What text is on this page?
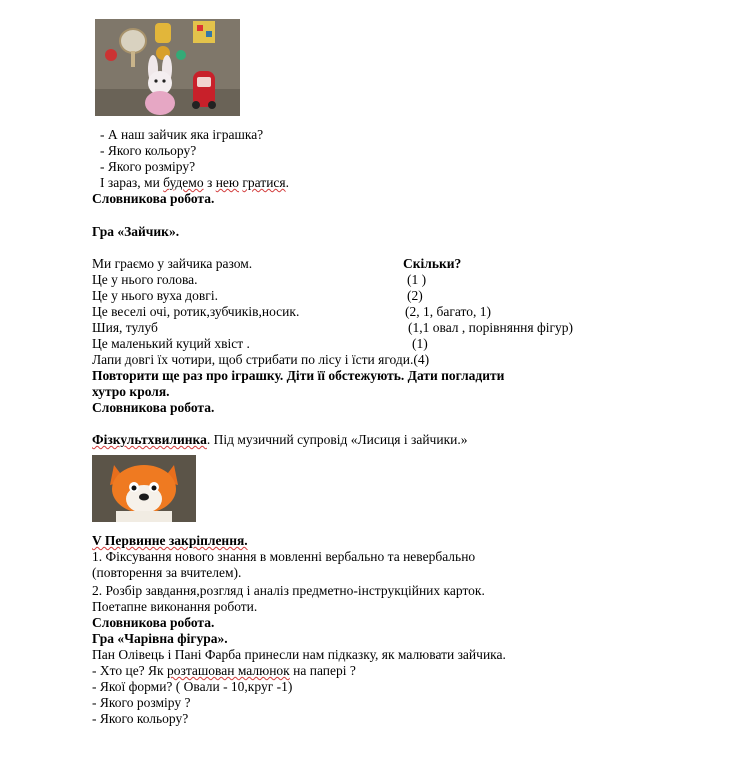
- А наш зайчик яка іграшка?
- Якого кольору?
- Якого розміру?
І зараз, ми будемо з нею гратися.
Словникова робота.
Гра «Зайчик».
Ми граємо у зайчика разом.	Скільки?
Це у нього голова.	(1 )
Це у нього вуха довгі.	(2)
Це веселі очі, ротик,зубчиків,носик.	(2, 1, багато, 1)
Шия, тулуб	(1,1 овал , порівняння фігур)
Це маленький куций хвіст .	(1)
Лапи довгі їх чотири, щоб стрибати по лісу і їсти ягоди.(4)
Повторити ще раз про іграшку. Діти її обстежують. Дати погладити
хутро кроля.
Словникова робота.
Фізкультхвилинка. Під музичний супровід «Лисиця і зайчики.»
V Первинне закріплення.
1. Фіксування нового знання в мовленні вербально та невербально
(повторення за вчителем).
2. Розбір завдання,розгляд і аналіз предметно-інструкційних карток.
Поетапне виконання роботи.
Словникова робота.
Гра «Чарівна фігура».
Пан Олівець і Пані Фарба принесли нам підказку, як малювати зайчика.
- Хто це? Як розташован малюнок на папері ?
- Якої форми? ( Овали - 10,круг -1)
- Якого розміру ?
- Якого кольору?
